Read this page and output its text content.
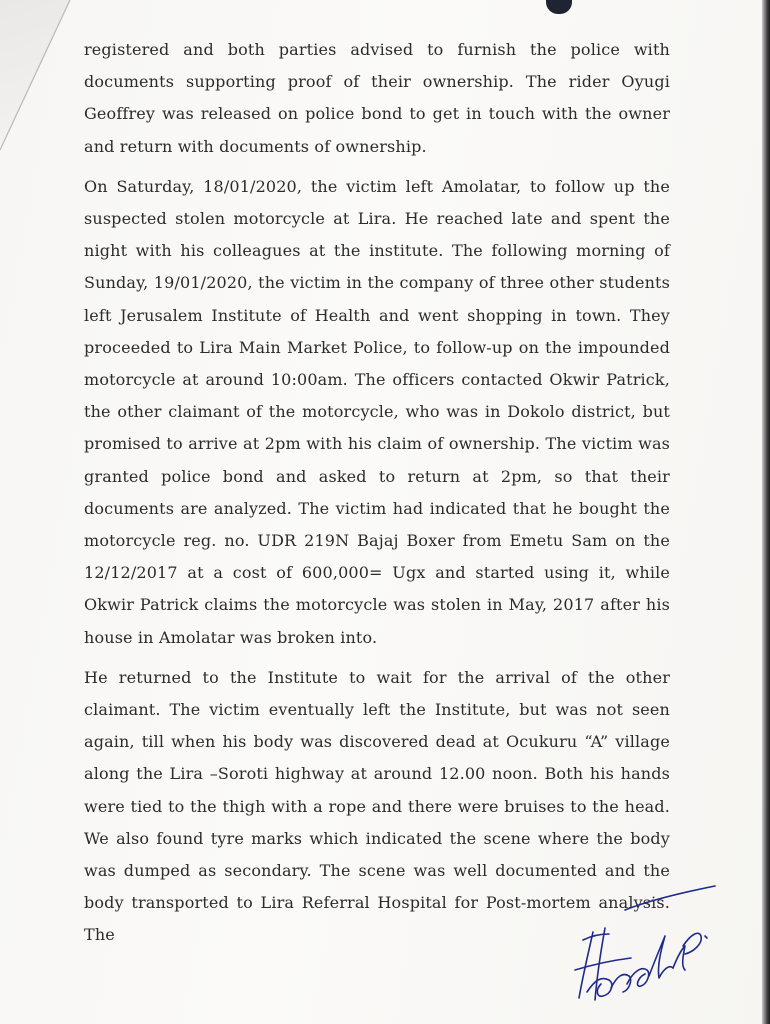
registered and both parties advised to furnish the police with documents supporting proof of their ownership. The rider Oyugi Geoffrey was released on police bond to get in touch with the owner and return with documents of ownership.

On Saturday, 18/01/2020, the victim left Amolatar, to follow up the suspected stolen motorcycle at Lira. He reached late and spent the night with his colleagues at the institute. The following morning of Sunday, 19/01/2020, the victim in the company of three other students left Jerusalem Institute of Health and went shopping in town. They proceeded to Lira Main Market Police, to follow-up on the impounded motorcycle at around 10:00am. The officers contacted Okwir Patrick, the other claimant of the motorcycle, who was in Dokolo district, but promised to arrive at 2pm with his claim of ownership. The victim was granted police bond and asked to return at 2pm, so that their documents are analyzed. The victim had indicated that he bought the motorcycle reg. no. UDR 219N Bajaj Boxer from Emetu Sam on the 12/12/2017 at a cost of 600,000= Ugx and started using it, while Okwir Patrick claims the motorcycle was stolen in May, 2017 after his house in Amolatar was broken into.

He returned to the Institute to wait for the arrival of the other claimant. The victim eventually left the Institute, but was not seen again, till when his body was discovered dead at Ocukuru “A” village along the Lira –Soroti highway at around 12.00 noon. Both his hands were tied to the thigh with a rope and there were bruises to the head. We also found tyre marks which indicated the scene where the body was dumped as secondary. The scene was well documented and the body transported to Lira Referral Hospital for Post-mortem analysis. The
